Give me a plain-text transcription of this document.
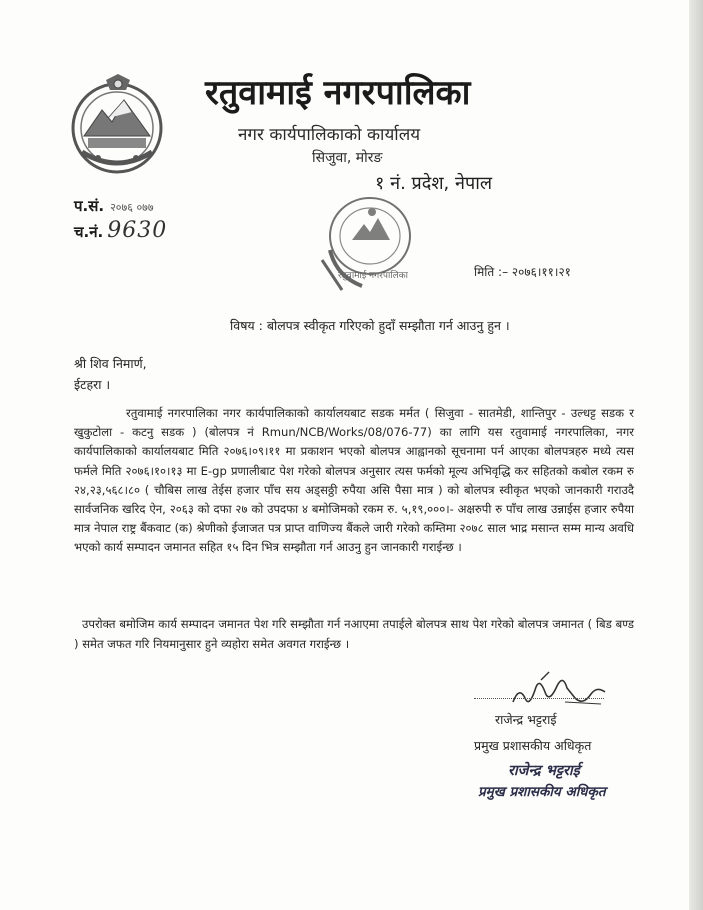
रतुवामाई नगरपालिका
नगर कार्यपालिकाको कार्यालय
सिजुवा, मोरङ
१ नं. प्रदेश, नेपाल
प.सं. २०७६ ०७७
च.नं. 9630
रतुवामाई नगरपालिका	मिति :– २०७६।११।२१
विषय : बोलपत्र स्वीकृत गरिएको हुदाँ सम्झौता गर्न आउनु हुन ।
श्री शिव निमार्ण,
ईटहरा ।
रतुवामाई नगरपालिका नगर कार्यपालिकाको कार्यालयबाट सडक मर्मत ( सिजुवा - सातमेडी, शान्तिपुर - उल्धट्ट सडक र खुकुटोला - कटनु सडक ) (बोलपत्र नं Rmun/NCB/Works/08/076-77) का लागि यस रतुवामाई नगरपालिका, नगर कार्यपालिकाको कार्यालयबाट मिति २०७६।०९।११ मा प्रकाशन भएको बोलपत्र आह्वानको सूचनामा पर्न आएका बोलपत्रहरु मध्ये त्यस फर्मले मिति २०७६।१०।१३ मा E-gp प्रणालीबाट पेश गरेको बोलपत्र अनुसार त्यस फर्मको मूल्य अभिवृद्धि कर सहितको कबोल रकम रु २४,२३,५६८।८० ( चौबिस लाख तेईस हजार पाँच सय अड्सठ्ठी रुपैया असि पैसा मात्र ) को बोलपत्र स्वीकृत भएको जानकारी गराउदै सार्वजनिक खरिद ऐन, २०६३ को दफा २७ को उपदफा ४ बमोजिमको रकम रु. ५,१९,०००।- अक्षरुपी रु पाँच लाख उन्नाईस हजार रुपैया मात्र नेपाल राष्ट्र बैंकवाट (क) श्रेणीको ईजाजत पत्र प्राप्त वाणिज्य बैंकले जारी गरेको कम्तिमा २०७८ साल भाद्र मसान्त सम्म मान्य अवधि भएको कार्य सम्पादन जमानत सहित १५ दिन भित्र सम्झौता गर्न आउनु हुन जानकारी गराईन्छ ।
उपरोक्त बमोजिम कार्य सम्पादन जमानत पेश गरि सम्झौता गर्न नआएमा तपाईले बोलपत्र साथ पेश गरेको बोलपत्र जमानत ( बिड बण्ड ) समेत जफत गरि नियमानुसार हुने व्यहोरा समेत अवगत गराईन्छ ।
राजेन्द्र भट्टराई
प्रमुख प्रशासकीय अधिकृत
राजेन्द्र भट्टराई
प्रमुख प्रशासकीय अधिकृत
